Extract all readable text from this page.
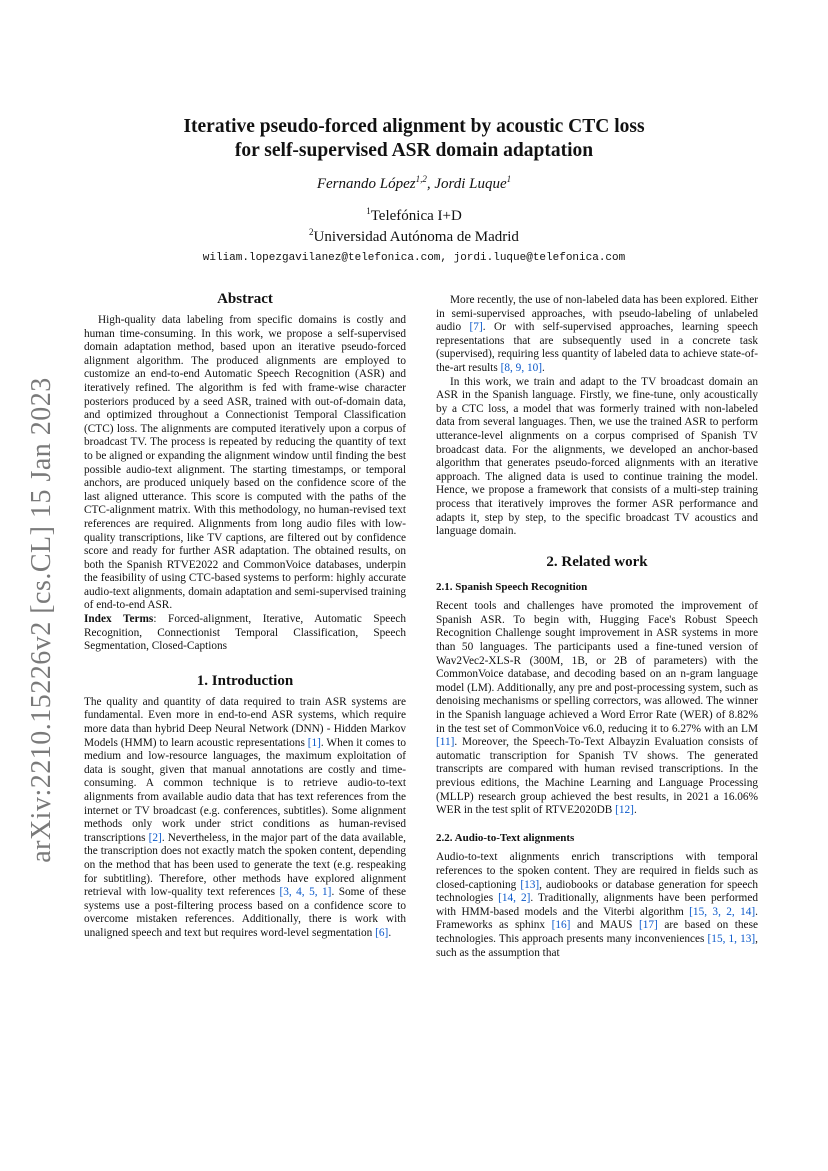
arXiv:2210.15226v2 [cs.CL] 15 Jan 2023
Iterative pseudo-forced alignment by acoustic CTC loss
for self-supervised ASR domain adaptation
Fernando López$^{1,2}$, Jordi Luque$^1$
$^1$Telefónica I+D
$^2$Universidad Autónoma de Madrid
wiliam.lopezgavilanez@telefonica.com, jordi.luque@telefonica.com
Abstract

High-quality data labeling from specific domains is costly and human time-consuming. In this work, we propose a self-supervised domain adaptation method, based upon an iterative pseudo-forced alignment algorithm. The produced alignments are employed to customize an end-to-end Automatic Speech Recognition (ASR) and iteratively refined. The algorithm is fed with frame-wise character posteriors produced by a seed ASR, trained with out-of-domain data, and optimized throughout a Connectionist Temporal Classification (CTC) loss. The alignments are computed iteratively upon a corpus of broadcast TV. The process is repeated by reducing the quantity of text to be aligned or expanding the alignment window until finding the best possible audio-text alignment. The starting timestamps, or temporal anchors, are produced uniquely based on the confidence score of the last aligned utterance. This score is computed with the paths of the CTC-alignment matrix. With this methodology, no human-revised text references are required. Alignments from long audio files with low-quality transcriptions, like TV captions, are filtered out by confidence score and ready for further ASR adaptation. The obtained results, on both the Spanish RTVE2022 and CommonVoice databases, underpin the feasibility of using CTC-based systems to perform: highly accurate audio-text alignments, domain adaptation and semi-supervised training of end-to-end ASR.

Index Terms: Forced-alignment, Iterative, Automatic Speech Recognition, Connectionist Temporal Classification, Speech Segmentation, Closed-Captions

1. Introduction

The quality and quantity of data required to train ASR systems are fundamental. Even more in end-to-end ASR systems, which require more data than hybrid Deep Neural Network (DNN) - Hidden Markov Models (HMM) to learn acoustic representations [1]. When it comes to medium and low-resource languages, the maximum exploitation of data is sought, given that manual annotations are costly and time-consuming. A common technique is to retrieve audio-to-text alignments from available audio data that has text references from the internet or TV broadcast (e.g. conferences, subtitles). Some alignment methods only work under strict conditions as human-revised transcriptions [2]. Nevertheless, in the major part of the data available, the transcription does not exactly match the spoken content, depending on the method that has been used to generate the text (e.g. respeaking for subtitling). Therefore, other methods have explored alignment retrieval with low-quality text references [3, 4, 5, 1]. Some of these systems use a post-filtering process based on a confidence score to overcome mistaken references. Additionally, there is work with unaligned speech and text but requires word-level segmentation [6].

More recently, the use of non-labeled data has been explored. Either in semi-supervised approaches, with pseudo-labeling of unlabeled audio [7]. Or with self-supervised approaches, learning speech representations that are subsequently used in a concrete task (supervised), requiring less quantity of labeled data to achieve state-of-the-art results [8, 9, 10].

In this work, we train and adapt to the TV broadcast domain an ASR in the Spanish language. Firstly, we fine-tune, only acoustically by a CTC loss, a model that was formerly trained with non-labeled data from several languages. Then, we use the trained ASR to perform utterance-level alignments on a corpus comprised of Spanish TV broadcast data. For the alignments, we developed an anchor-based algorithm that generates pseudo-forced alignments with an iterative approach. The aligned data is used to continue training the model. Hence, we propose a framework that consists of a multi-step training process that iteratively improves the former ASR performance and adapts it, step by step, to the specific broadcast TV acoustics and language domain.

2. Related work
2.1. Spanish Speech Recognition

Recent tools and challenges have promoted the improvement of Spanish ASR. To begin with, Hugging Face's Robust Speech Recognition Challenge sought improvement in ASR systems in more than 50 languages. The participants used a fine-tuned version of Wav2Vec2-XLS-R (300M, 1B, or 2B of parameters) with the CommonVoice database, and decoding based on an n-gram language model (LM). Additionally, any pre and post-processing system, such as denoising mechanisms or spelling correctors, was allowed. The winner in the Spanish language achieved a Word Error Rate (WER) of 8.82% in the test set of CommonVoice v6.0, reducing it to 6.27% with an LM [11]. Moreover, the Speech-To-Text Albayzin Evaluation consists of automatic transcription for Spanish TV shows. The generated transcripts are compared with human revised transcriptions. In the previous editions, the Machine Learning and Language Processing (MLLP) research group achieved the best results, in 2021 a 16.06% WER in the test split of RTVE2020DB [12].

2.2. Audio-to-Text alignments

Audio-to-text alignments enrich transcriptions with temporal references to the spoken content. They are required in fields such as closed-captioning [13], audiobooks or database generation for speech technologies [14, 2]. Traditionally, alignments have been performed with HMM-based models and the Viterbi algorithm [15, 3, 2, 14]. Frameworks as sphinx [16] and MAUS [17] are based on these technologies. This approach presents many inconveniences [15, 1, 13], such as the assumption that
